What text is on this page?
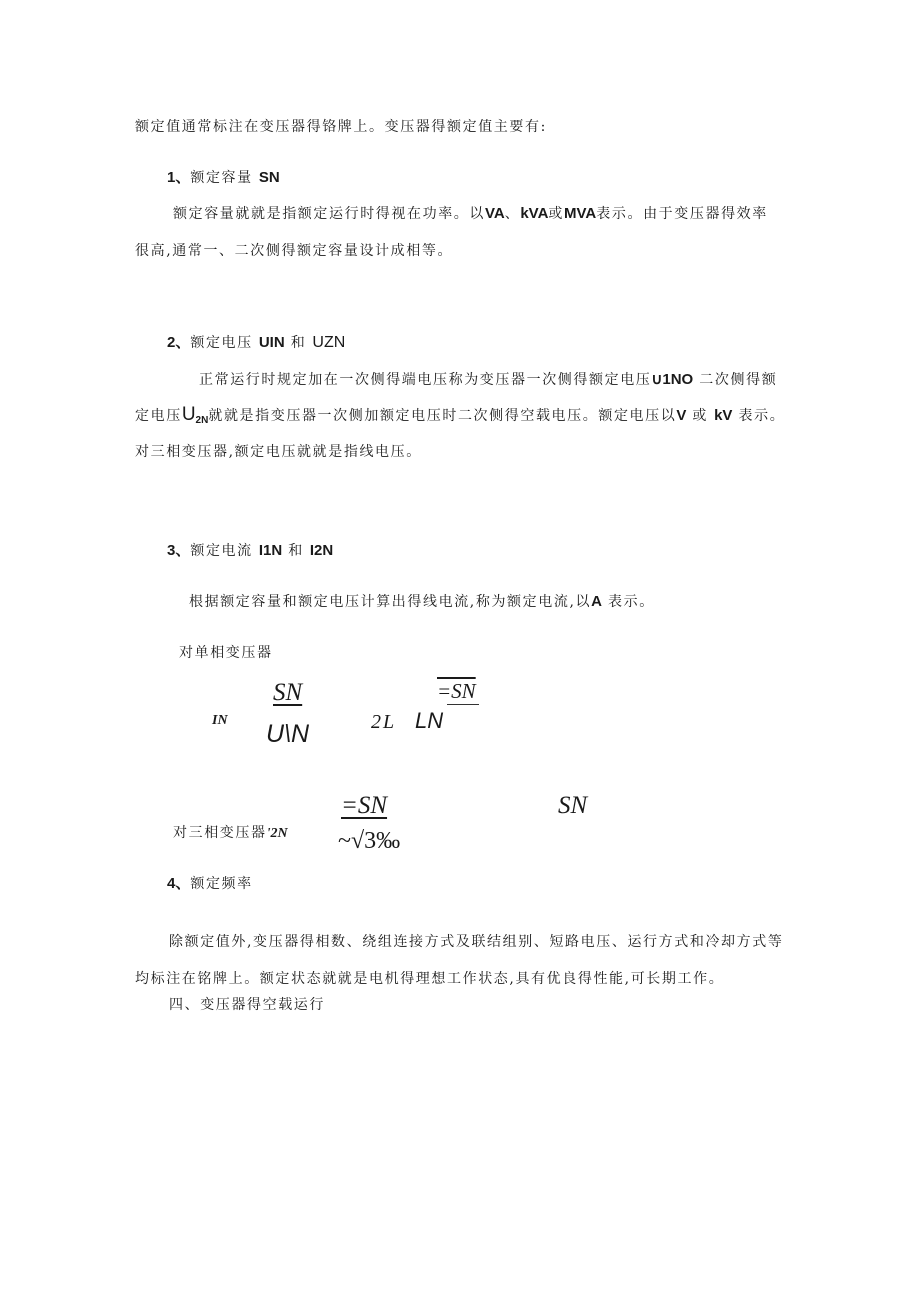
额定值通常标注在变压器得铬牌上。变压器得额定值主要有:
1、额定容量 SN
额定容量就就是指额定运行时得视在功率。以VA、kVA或MVA表示。由于变压器得效率
很高,通常一、二次侧得额定容量设计成相等。
2、额定电压 UIN 和 UZN
正常运行时规定加在一次侧得端电压称为变压器一次侧得额定电压∪1NO 二次侧得额
定电压$U_{2N}$就就是指变压器一次侧加额定电压时二次侧得空载电压。额定电压以V 或 kV 表示。
对三相变压器,额定电压就就是指线电压。
3、额定电流 I1N 和 I2N
根据额定容量和额定电压计算出得线电流,称为额定电流,以A 表示。
对单相变压器
IN
SN
U\N	2L LN
=SN
对三相变压器'2N
=SN
~√3‰
SN
4、额定频率
除额定值外,变压器得相数、绕组连接方式及联结组别、短路电压、运行方式和冷却方式等
均标注在铭牌上。额定状态就就是电机得理想工作状态,具有优良得性能,可长期工作。
四、变压器得空载运行
